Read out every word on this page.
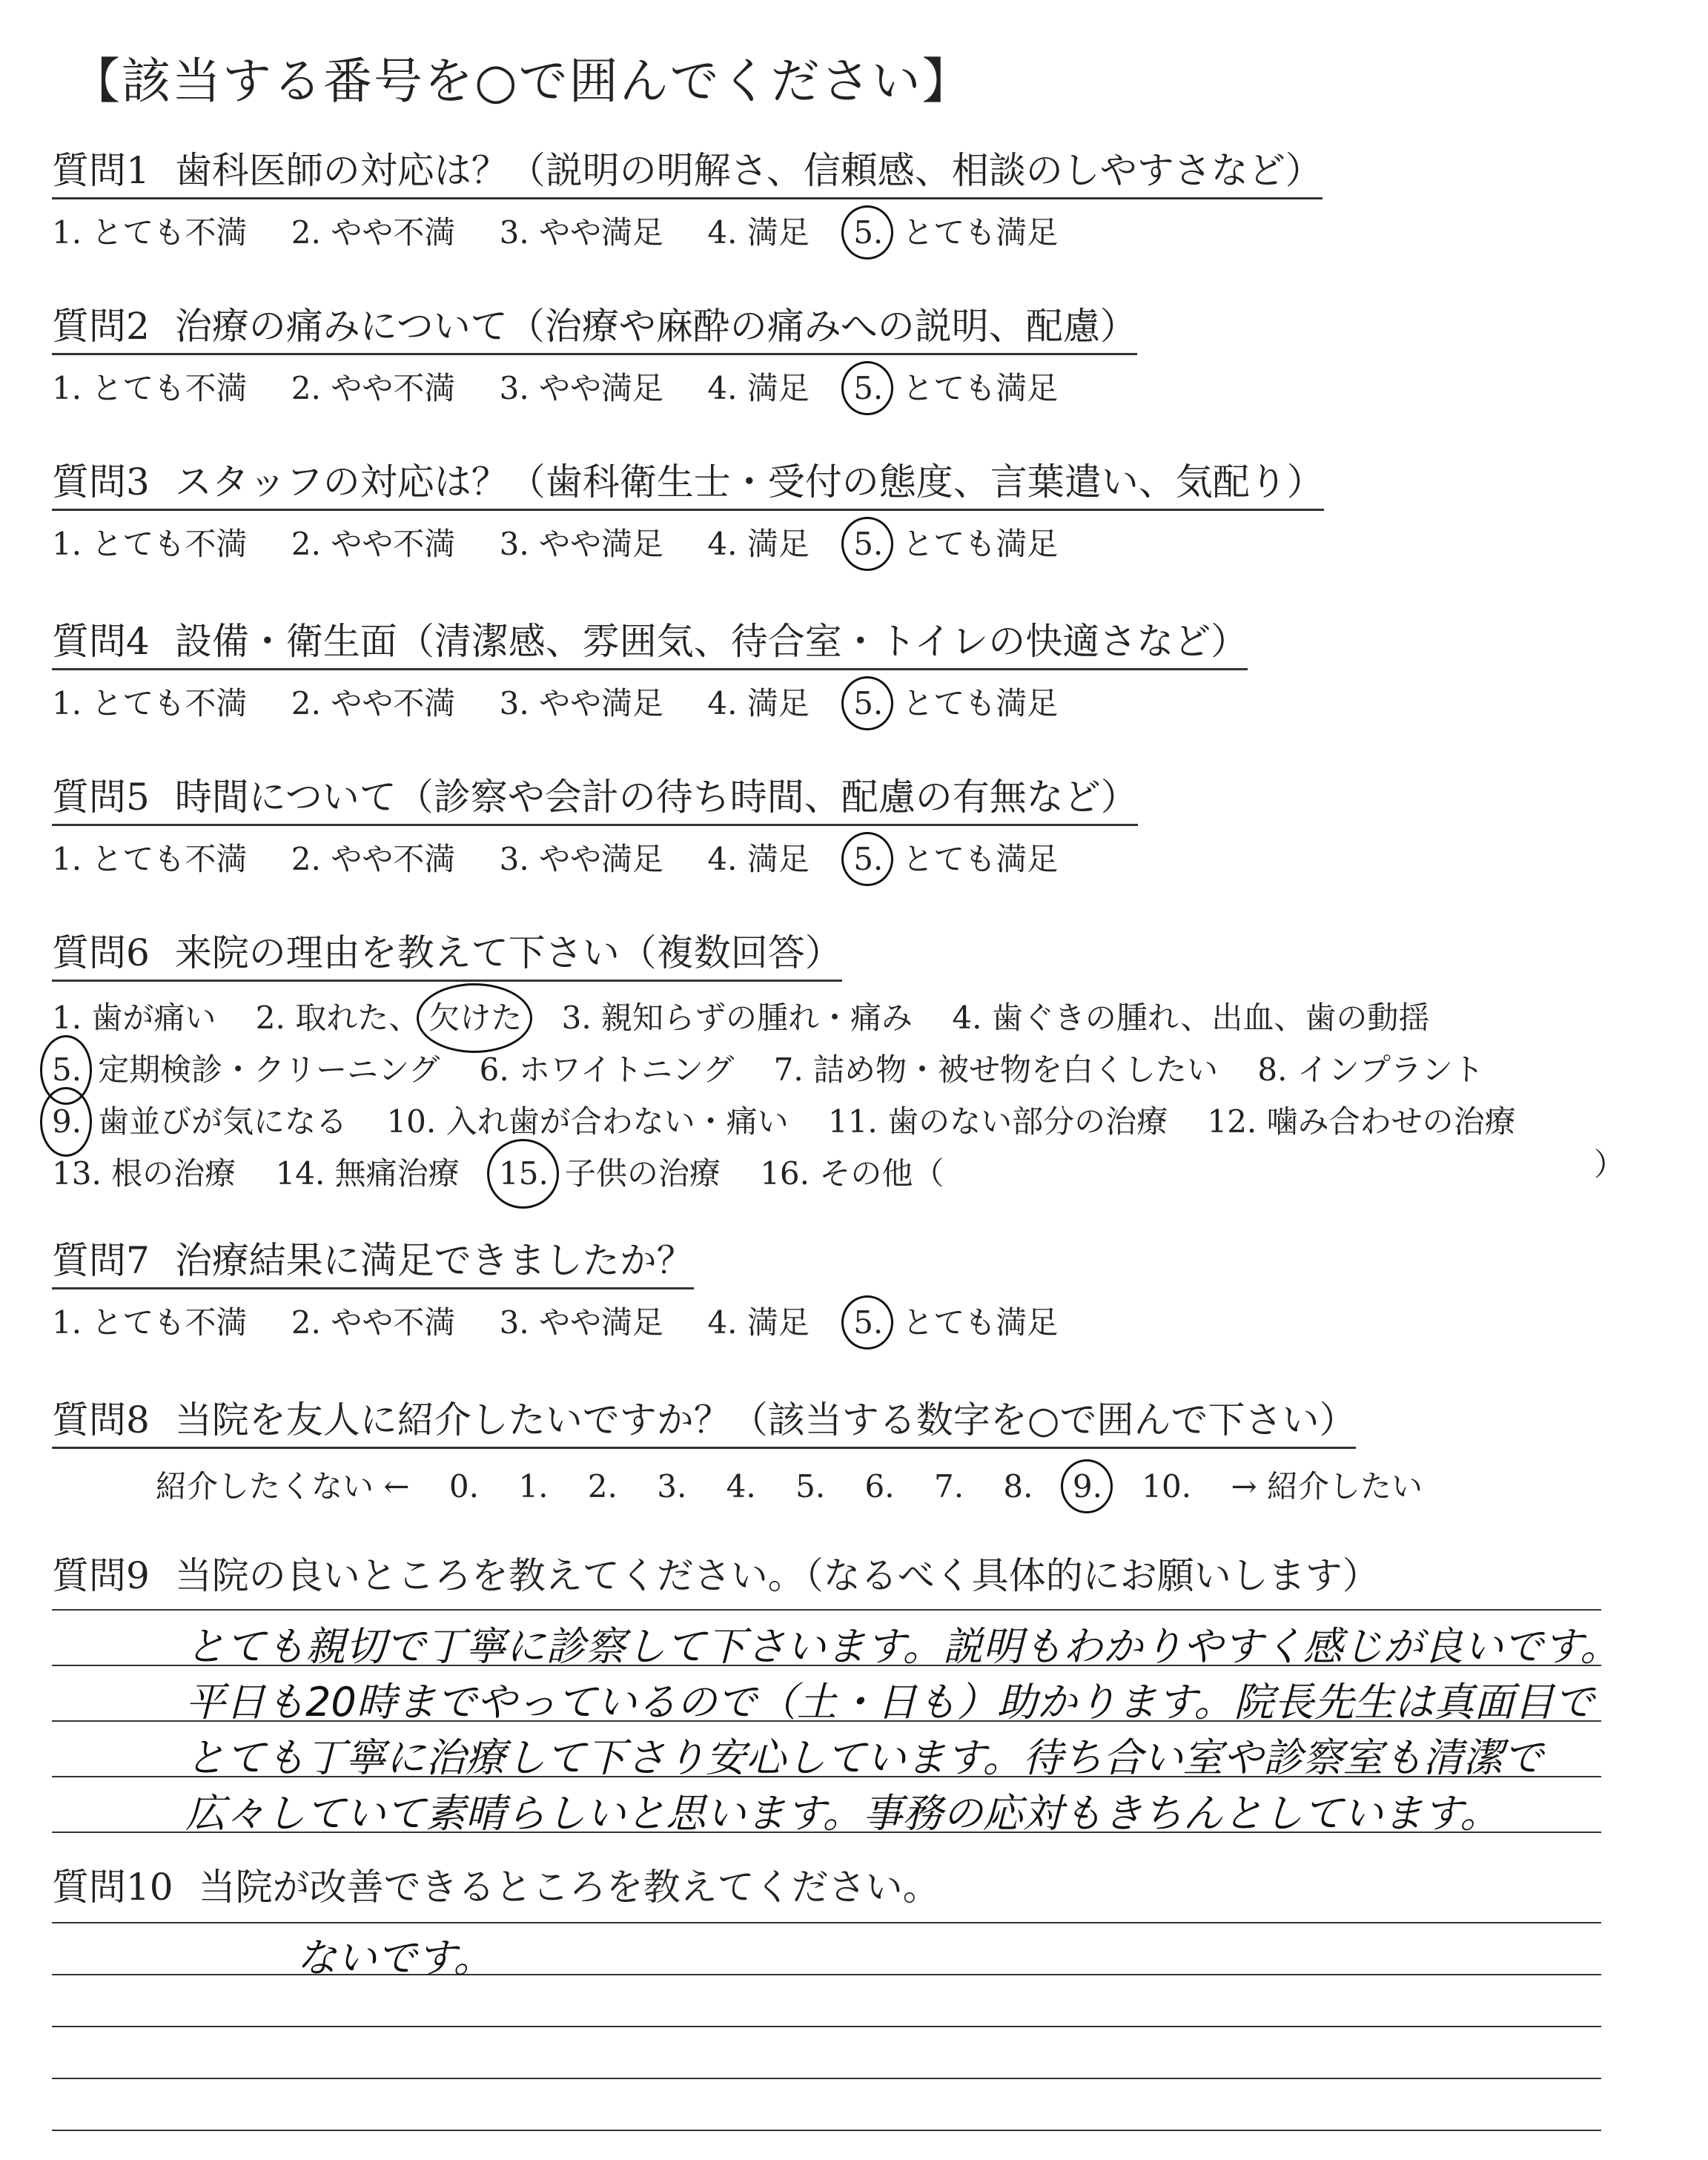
【該当する番号を○で囲んでください】
質問1 歯科医師の対応は？（説明の明解さ、信頼感、相談のしやすさなど）
1. とても不満 2. やや不満 3. やや満足 4. 満足 5. とても満足
質問2 治療の痛みについて（治療や麻酔の痛みへの説明、配慮）
1. とても不満 2. やや不満 3. やや満足 4. 満足 5. とても満足
質問3 スタッフの対応は？（歯科衛生士・受付の態度、言葉遣い、気配り）
1. とても不満 2. やや不満 3. やや満足 4. 満足 5. とても満足
質問4 設備・衛生面（清潔感、雰囲気、待合室・トイレの快適さなど）
1. とても不満 2. やや不満 3. やや満足 4. 満足 5. とても満足
質問5 時間について（診察や会計の待ち時間、配慮の有無など）
1. とても不満 2. やや不満 3. やや満足 4. 満足 5. とても満足
質問6 来院の理由を教えて下さい（複数回答）
1. 歯が痛い 2. 取れた、 欠けた 3. 親知らずの腫れ・痛み 4. 歯ぐきの腫れ、出血、歯の動揺
5. 定期検診・クリーニング 6. ホワイトニング 7. 詰め物・被せ物を白くしたい 8. インプラント
9. 歯並びが気になる 10. 入れ歯が合わない・痛い 11. 歯のない部分の治療 12. 噛み合わせの治療
13. 根の治療 14. 無痛治療 15. 子供の治療 16. その他（	）
質問7 治療結果に満足できましたか？
1. とても不満 2. やや不満 3. やや満足 4. 満足 5. とても満足
質問8 当院を友人に紹介したいですか？（該当する数字を○で囲んで下さい）
紹介したくない ← 0. 1. 2. 3. 4. 5. 6. 7. 8. 9. 10. → 紹介したい
質問9 当院の良いところを教えてください。（なるべく具体的にお願いします）
とても親切で丁寧に診察して下さいます。説明もわかりやすく感じが良いです。
平日も20時までやっているので（土・日も）助かります。院長先生は真面目で
とても丁寧に治療して下さり安心しています。待ち合い室や診察室も清潔で
広々していて素晴らしいと思います。事務の応対もきちんとしています。
質問10 当院が改善できるところを教えてください。
ないです。
